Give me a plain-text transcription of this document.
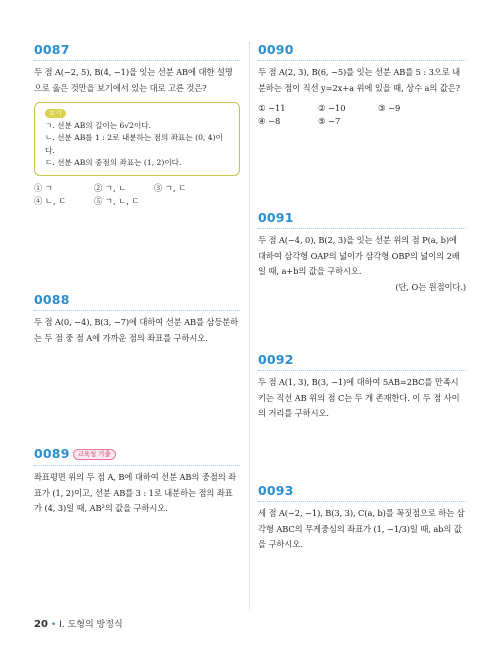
0087
두 점 A(−2, 5), B(4, −1)을 잇는 선분 AB에 대한 설명으로 옳은 것만을 보기에서 있는 대로 고른 것은?
보기
ㄱ. 선분 AB의 길이는 6√2이다.
ㄴ. 선분 AB를 1 : 2로 내분하는 점의 좌표는 (0, 4)이다.
ㄷ. 선분 AB의 중점의 좌표는 (1, 2)이다.
① ㄱ	② ㄱ, ㄴ	③ ㄱ, ㄷ
④ ㄴ, ㄷ	⑤ ㄱ, ㄴ, ㄷ
0088
두 점 A(0, −4), B(3, −7)에 대하여 선분 AB를 삼등분하는 두 점 중 점 A에 가까운 점의 좌표를 구하시오.
0089 교육청 기출
좌표평면 위의 두 점 A, B에 대하여 선분 AB의 중점의 좌표가 (1, 2)이고, 선분 AB를 3 : 1로 내분하는 점의 좌표가 (4, 3)일 때, AB²의 값을 구하시오.
0090
두 점 A(2, 3), B(6, −5)를 잇는 선분 AB를 5 : 3으로 내분하는 점이 직선 y=2x+a 위에 있을 때, 상수 a의 값은?
① −11	② −10	③ −9
④ −8	⑤ −7
0091
두 점 A(−4, 0), B(2, 3)을 잇는 선분 위의 점 P(a, b)에 대하여 삼각형 OAP의 넓이가 삼각형 OBP의 넓이의 2배일 때, a+b의 값을 구하시오.
(단, O는 원점이다.)
0092
두 점 A(1, 3), B(3, −1)에 대하여 5AB=2BC를 만족시키는 직선 AB 위의 점 C는 두 개 존재한다. 이 두 점 사이의 거리를 구하시오.
0093
세 점 A(−2, −1), B(3, 3), C(a, b)를 꼭짓점으로 하는 삼각형 ABC의 무게중심의 좌표가 (1, −1/3)일 때, ab의 값을 구하시오.
20 • I. 도형의 방정식
